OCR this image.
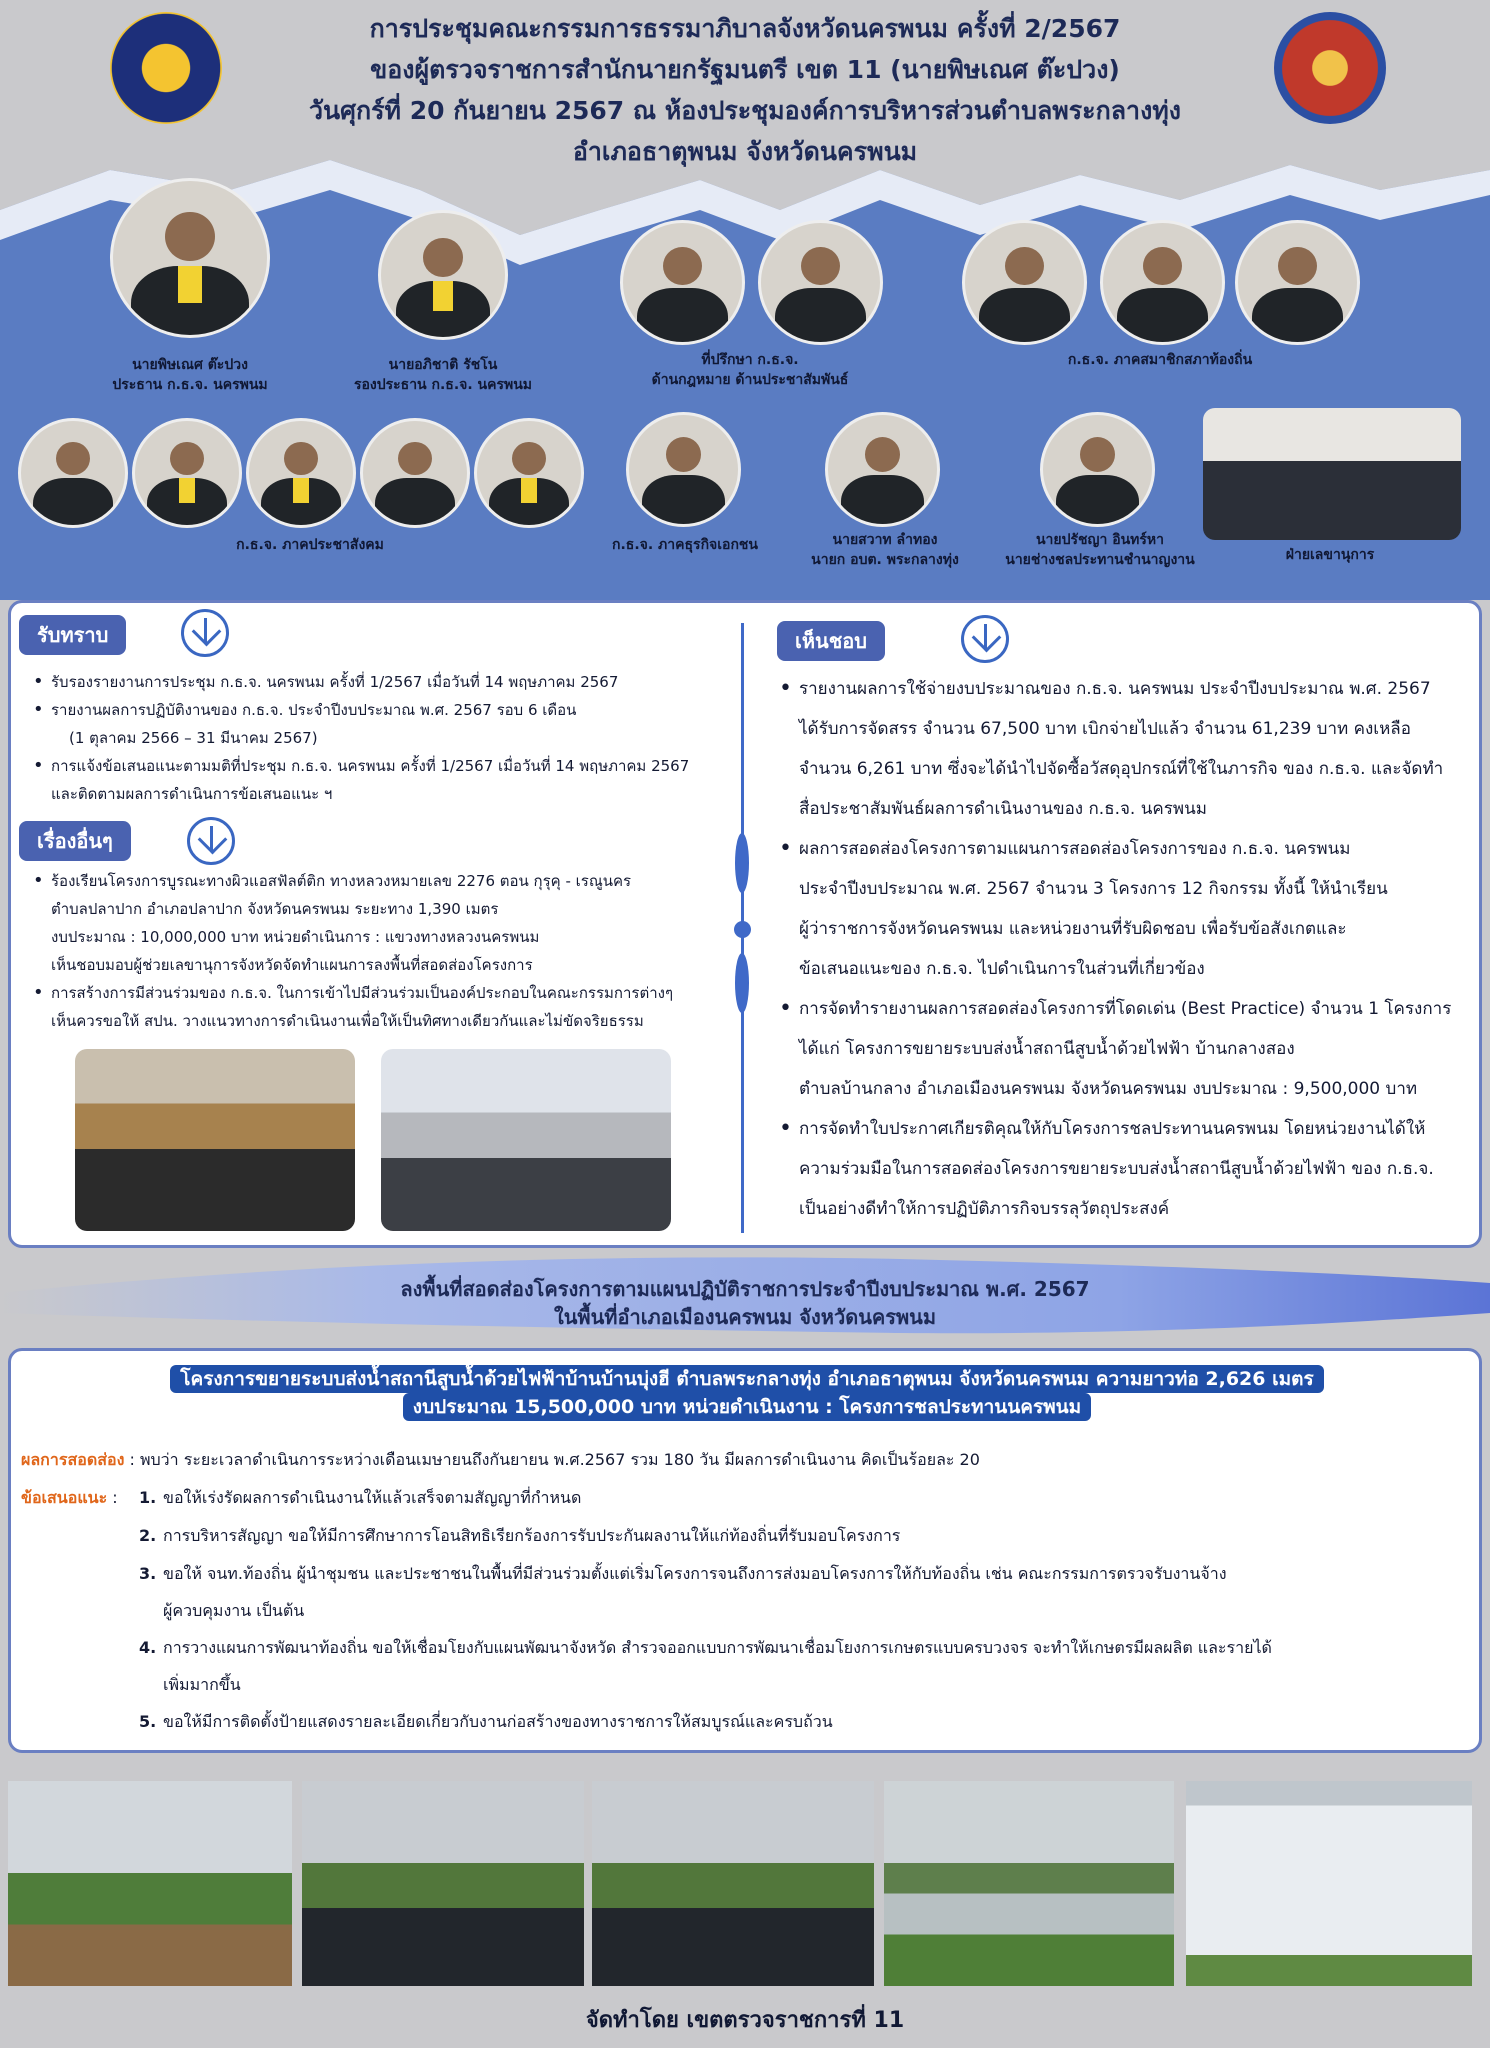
การประชุมคณะกรรมการธรรมาภิบาลจังหวัดนครพนม ครั้งที่ 2/2567
ของผู้ตรวจราชการสำนักนายกรัฐมนตรี เขต 11 (นายพิษเณศ ต๊ะปวง)
วันศุกร์ที่ 20 กันยายน 2567 ณ ห้องประชุมองค์การบริหารส่วนตำบลพระกลางทุ่ง
อำเภอธาตุพนม จังหวัดนครพนม
นายพิษเณศ ต๊ะปวง
ประธาน ก.ธ.จ. นครพนม
นายอภิชาติ รัชโน
รองประธาน ก.ธ.จ. นครพนม
ที่ปรึกษา ก.ธ.จ.
ด้านกฎหมาย ด้านประชาสัมพันธ์
ก.ธ.จ. ภาคสมาชิกสภาท้องถิ่น
ก.ธ.จ. ภาคประชาสังคม	ก.ธ.จ. ภาคธุรกิจเอกชน	นายสวาท ลำทอง
นายก อบต. พระกลางทุ่ง
นายปรัชญา อินทร์หา
นายช่างชลประทานชำนาญงาน	ฝ่ายเลขานุการ
รับทราบ
• รับรองรายงานการประชุม ก.ธ.จ. นครพนม ครั้งที่ 1/2567 เมื่อวันที่ 14 พฤษภาคม 2567
• รายงานผลการปฏิบัติงานของ ก.ธ.จ. ประจำปีงบประมาณ พ.ศ. 2567 รอบ 6 เดือน
(1 ตุลาคม 2566 – 31 มีนาคม 2567)
• การแจ้งข้อเสนอแนะตามมติที่ประชุม ก.ธ.จ. นครพนม ครั้งที่ 1/2567 เมื่อวันที่ 14 พฤษภาคม 2567
และติดตามผลการดำเนินการข้อเสนอแนะ ฯ
เรื่องอื่นๆ
• ร้องเรียนโครงการบูรณะทางผิวแอสฟัลต์ติก ทางหลวงหมายเลข 2276 ตอน กุรุคุ - เรณูนคร
ตำบลปลาปาก อำเภอปลาปาก จังหวัดนครพนม ระยะทาง 1,390 เมตร
งบประมาณ : 10,000,000 บาท หน่วยดำเนินการ : แขวงทางหลวงนครพนม
เห็นชอบมอบผู้ช่วยเลขานุการจังหวัดจัดทำแผนการลงพื้นที่สอดส่องโครงการ
• การสร้างการมีส่วนร่วมของ ก.ธ.จ. ในการเข้าไปมีส่วนร่วมเป็นองค์ประกอบในคณะกรรมการต่างๆ
เห็นควรขอให้ สปน. วางแนวทางการดำเนินงานเพื่อให้เป็นทิศทางเดียวกันและไม่ขัดจริยธรรม
เห็นชอบ
• รายงานผลการใช้จ่ายงบประมาณของ ก.ธ.จ. นครพนม ประจำปีงบประมาณ พ.ศ. 2567
ได้รับการจัดสรร จำนวน 67,500 บาท เบิกจ่ายไปแล้ว จำนวน 61,239 บาท คงเหลือ
จำนวน 6,261 บาท ซึ่งจะได้นำไปจัดซื้อวัสดุอุปกรณ์ที่ใช้ในภารกิจ ของ ก.ธ.จ. และจัดทำ
สื่อประชาสัมพันธ์ผลการดำเนินงานของ ก.ธ.จ. นครพนม
• ผลการสอดส่องโครงการตามแผนการสอดส่องโครงการของ ก.ธ.จ. นครพนม
ประจำปีงบประมาณ พ.ศ. 2567 จำนวน 3 โครงการ 12 กิจกรรม ทั้งนี้ ให้นำเรียน
ผู้ว่าราชการจังหวัดนครพนม และหน่วยงานที่รับผิดชอบ เพื่อรับข้อสังเกตและ
ข้อเสนอแนะของ ก.ธ.จ. ไปดำเนินการในส่วนที่เกี่ยวข้อง
• การจัดทำรายงานผลการสอดส่องโครงการที่โดดเด่น (Best Practice) จำนวน 1 โครงการ
ได้แก่ โครงการขยายระบบส่งน้ำสถานีสูบน้ำด้วยไฟฟ้า บ้านกลางสอง
ตำบลบ้านกลาง อำเภอเมืองนครพนม จังหวัดนครพนม งบประมาณ : 9,500,000 บาท
• การจัดทำใบประกาศเกียรติคุณให้กับโครงการชลประทานนครพนม โดยหน่วยงานได้ให้
ความร่วมมือในการสอดส่องโครงการขยายระบบส่งน้ำสถานีสูบน้ำด้วยไฟฟ้า ของ ก.ธ.จ.
เป็นอย่างดีทำให้การปฏิบัติภารกิจบรรลุวัตถุประสงค์
ลงพื้นที่สอดส่องโครงการตามแผนปฏิบัติราชการประจำปีงบประมาณ พ.ศ. 2567
ในพื้นที่อำเภอเมืองนครพนม จังหวัดนครพนม
โครงการขยายระบบส่งน้ำสถานีสูบน้ำด้วยไฟฟ้าบ้านบ้านบุ่งฮี ตำบลพระกลางทุ่ง อำเภอธาตุพนม จังหวัดนครพนม ความยาวท่อ 2,626 เมตร
งบประมาณ 15,500,000 บาท หน่วยดำเนินงาน : โครงการชลประทานนครพนม
ผลการสอดส่อง : พบว่า ระยะเวลาดำเนินการระหว่างเดือนเมษายนถึงกันยายน พ.ศ.2567 รวม 180 วัน มีผลการดำเนินงาน คิดเป็นร้อยละ 20
ข้อเสนอแนะ : 1. ขอให้เร่งรัดผลการดำเนินงานให้แล้วเสร็จตามสัญญาที่กำหนด
2. การบริหารสัญญา ขอให้มีการศึกษาการโอนสิทธิเรียกร้องการรับประกันผลงานให้แก่ท้องถิ่นที่รับมอบโครงการ
3. ขอให้ จนท.ท้องถิ่น ผู้นำชุมชน และประชาชนในพื้นที่มีส่วนร่วมตั้งแต่เริ่มโครงการจนถึงการส่งมอบโครงการให้กับท้องถิ่น เช่น คณะกรรมการตรวจรับงานจ้าง
ผู้ควบคุมงาน เป็นต้น
4. การวางแผนการพัฒนาท้องถิ่น ขอให้เชื่อมโยงกับแผนพัฒนาจังหวัด สำรวจออกแบบการพัฒนาเชื่อมโยงการเกษตรแบบครบวงจร จะทำให้เกษตรมีผลผลิต และรายได้
เพิ่มมากขึ้น
5. ขอให้มีการติดตั้งป้ายแสดงรายละเอียดเกี่ยวกับงานก่อสร้างของทางราชการให้สมบูรณ์และครบถ้วน
จัดทำโดย เขตตรวจราชการที่ 11
